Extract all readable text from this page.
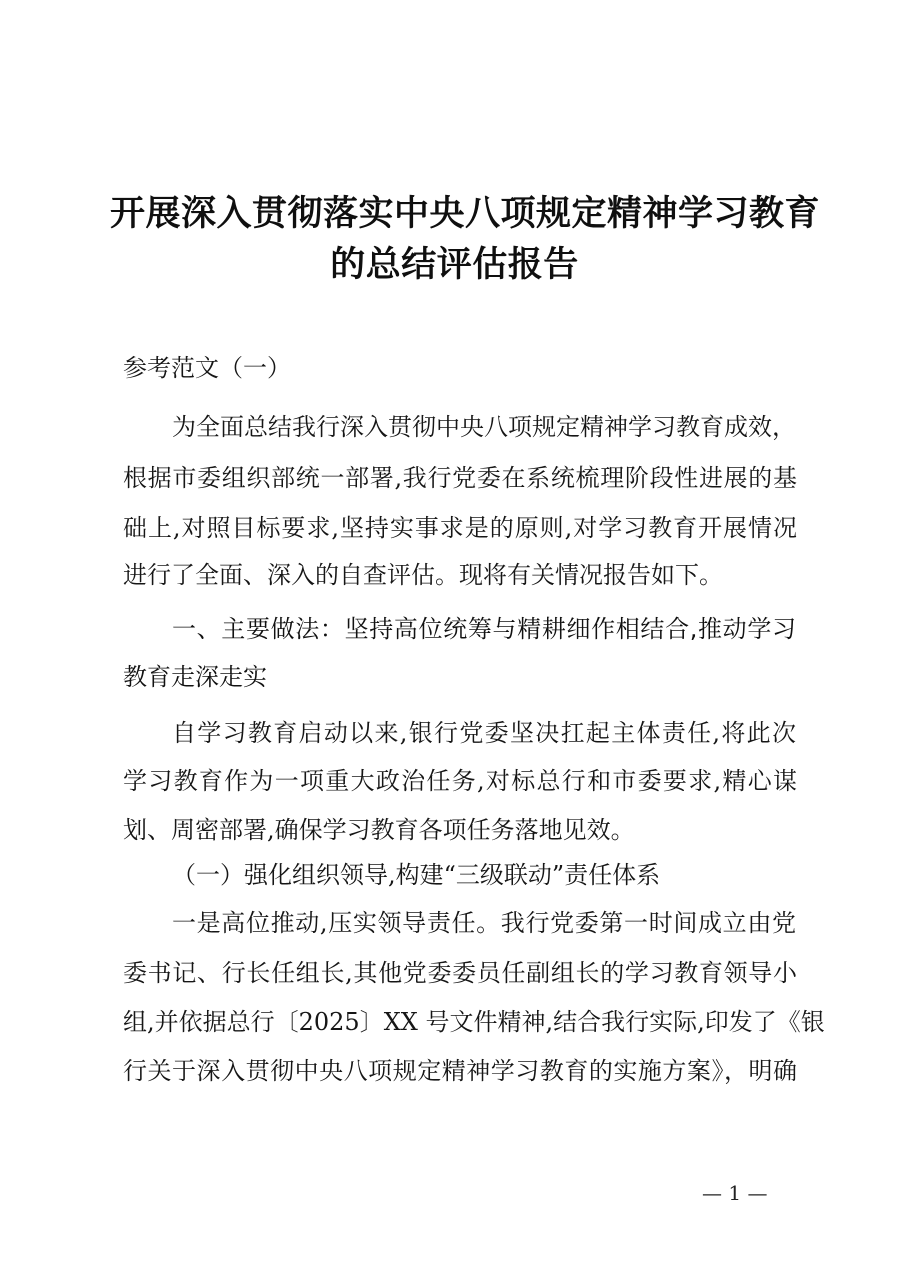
开展深入贯彻落实中央八项规定精神学习教育
的总结评估报告
参考范文（一）
为全面总结我行深入贯彻中央八项规定精神学习教育成效，
根据市委组织部统一部署,我行党委在系统梳理阶段性进展的基
础上,对照目标要求,坚持实事求是的原则,对学习教育开展情况
进行了全面、深入的自查评估。现将有关情况报告如下。
一、主要做法：坚持高位统筹与精耕细作相结合,推动学习
教育走深走实
自学习教育启动以来,银行党委坚决扛起主体责任,将此次
学习教育作为一项重大政治任务,对标总行和市委要求,精心谋
划、周密部署,确保学习教育各项任务落地见效。
（一）强化组织领导,构建“三级联动”责任体系
一是高位推动,压实领导责任。我行党委第一时间成立由党
委书记、行长任组长,其他党委委员任副组长的学习教育领导小
组,并依据总行〔2025〕XX 号文件精神,结合我行实际,印发了《银
行关于深入贯彻中央八项规定精神学习教育的实施方案》，明确
— 1 —
